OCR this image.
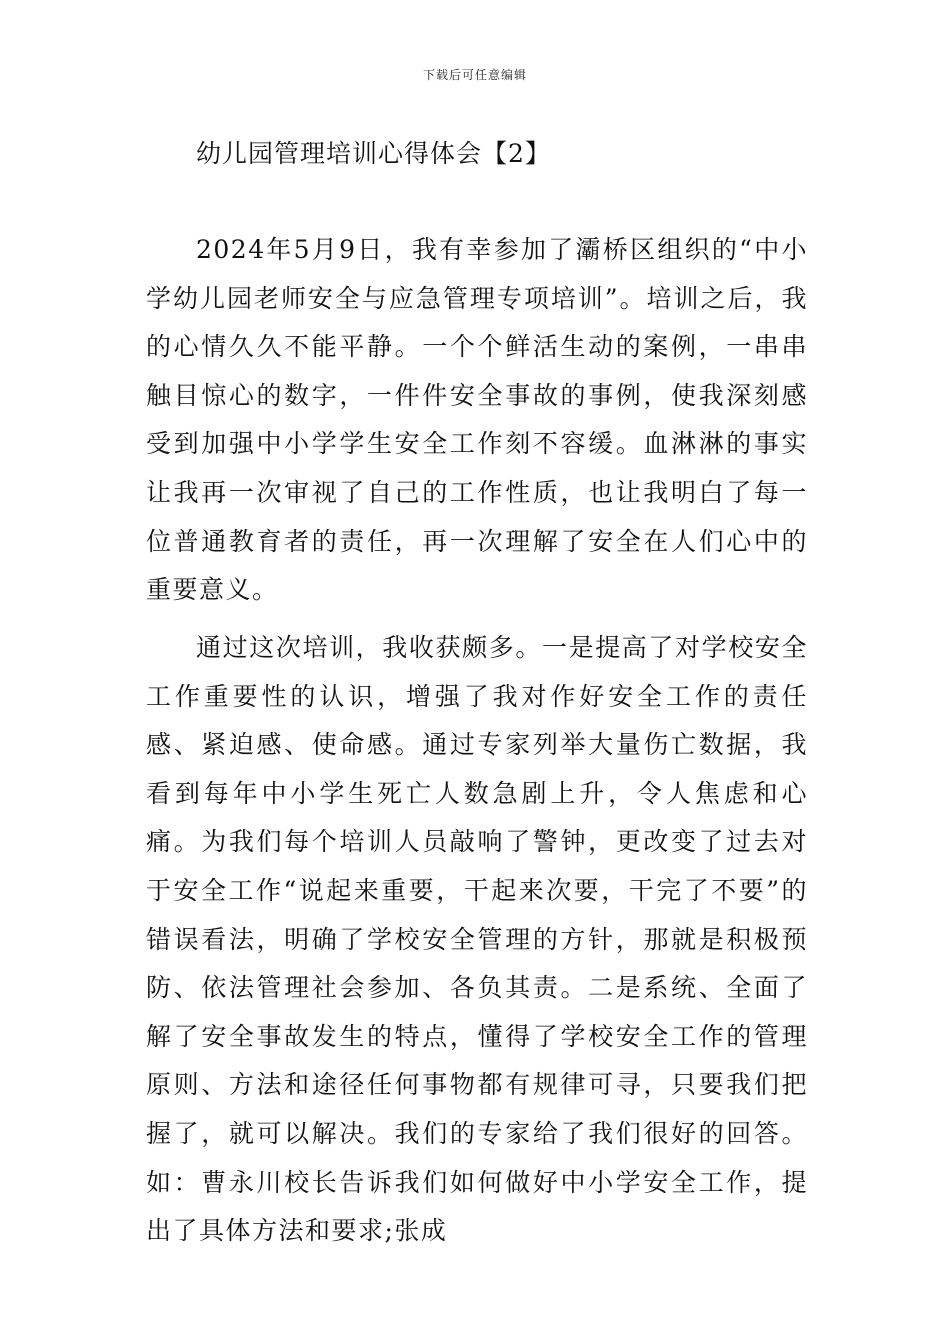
下载后可任意编辑
幼儿园管理培训心得体会【2】

2024年5月9日，我有幸参加了灞桥区组织的“中小学幼儿园老师安全与应急管理专项培训”。培训之后，我的心情久久不能平静。一个个鲜活生动的案例，一串串触目惊心的数字，一件件安全事故的事例，使我深刻感受到加强中小学学生安全工作刻不容缓。血淋淋的事实让我再一次审视了自己的工作性质，也让我明白了每一位普通教育者的责任，再一次理解了安全在人们心中的重要意义。

通过这次培训，我收获颇多。一是提高了对学校安全工作重要性的认识，增强了我对作好安全工作的责任感、紧迫感、使命感。通过专家列举大量伤亡数据，我看到每年中小学生死亡人数急剧上升，令人焦虑和心痛。为我们每个培训人员敲响了警钟，更改变了过去对于安全工作“说起来重要，干起来次要，干完了不要”的错误看法，明确了学校安全管理的方针，那就是积极预防、依法管理社会参加、各负其责。二是系统、全面了解了安全事故发生的特点，懂得了学校安全工作的管理原则、方法和途径任何事物都有规律可寻，只要我们把握了，就可以解决。我们的专家给了我们很好的回答。如：曹永川校长告诉我们如何做好中小学安全工作，提出了具体方法和要求;张成
